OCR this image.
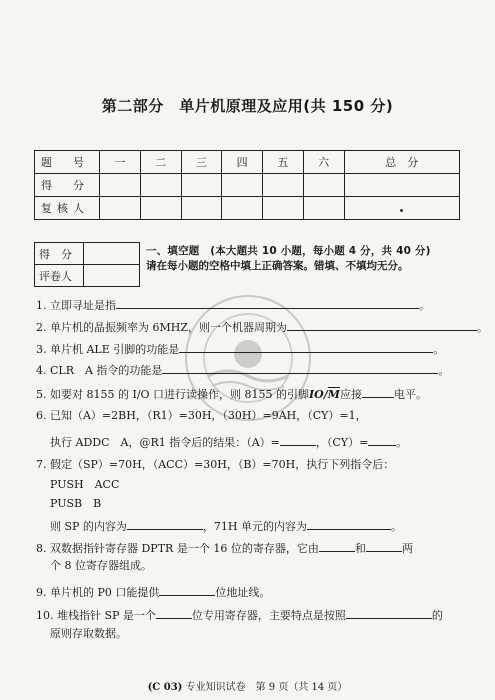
第二部分　单片机原理及应用(共 150 分)
题　号	一	二	三	四	五	六	总　分
得　分							
复核人							
得　分	
评卷人	
一、填空题　(本大题共 10 小题，每小题 4 分，共 40 分)
请在每小题的空格中填上正确答案。错填、不填均无分。
1. 立即寻址是指	。
2. 单片机的晶振频率为 6MHZ，则一个机器周期为	。
3. 单片机 ALE 引脚的功能是	。
4. CLR　A 指令的功能是	。
5. 如要对 8155 的 I/O 口进行读操作，则 8155 的引脚$IO/\overline{M}$应接	电平。
6. 已知（A）=2BH，（R1）=30H，（30H）=9AH，（CY）=1，
执行 ADDC　A，@R1 指令后的结果：（A）=	，（CY）=	。
7. 假定（SP）=70H，（ACC）=30H，（B）=70H，执行下列指令后：
PUSH　ACC
PUSB　B
则 SP 的内容为	，71H 单元的内容为	。
8. 双数据指针寄存器 DPTR 是一个 16 位的寄存器，它由	和	两
个 8 位寄存器组成。
9. 单片机的 P0 口能提供	位地址线。
10. 堆栈指针 SP 是一个	位专用寄存器，主要特点是按照	的
原则存取数据。
(C 03) 专业知识试卷　第 9 页（共 14 页）
